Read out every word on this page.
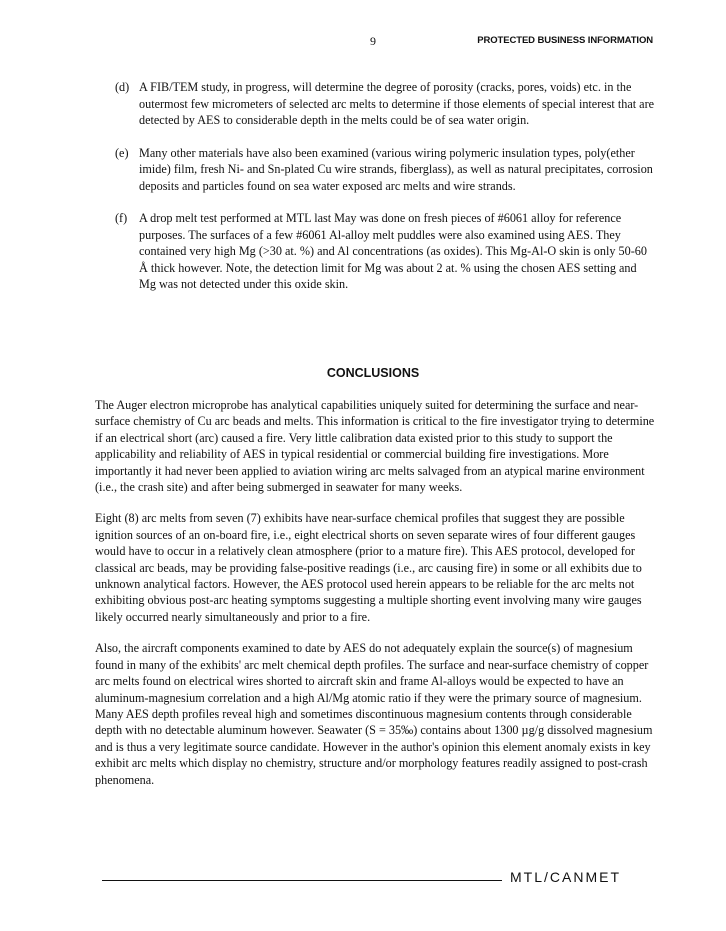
9	PROTECTED BUSINESS INFORMATION
(d) A FIB/TEM study, in progress, will determine the degree of porosity (cracks, pores, voids) etc. in the outermost few micrometers of selected arc melts to determine if those elements of special interest that are detected by AES to considerable depth in the melts could be of sea water origin.
(e) Many other materials have also been examined (various wiring polymeric insulation types, poly(ether imide) film, fresh Ni- and Sn-plated Cu wire strands, fiberglass), as well as natural precipitates, corrosion deposits and particles found on sea water exposed arc melts and wire strands.
(f) A drop melt test performed at MTL last May was done on fresh pieces of #6061 alloy for reference purposes. The surfaces of a few #6061 Al-alloy melt puddles were also examined using AES. They contained very high Mg (>30 at. %) and Al concentrations (as oxides). This Mg-Al-O skin is only 50-60 Å thick however. Note, the detection limit for Mg was about 2 at. % using the chosen AES setting and Mg was not detected under this oxide skin.
CONCLUSIONS

The Auger electron microprobe has analytical capabilities uniquely suited for determining the surface and near-surface chemistry of Cu arc beads and melts. This information is critical to the fire investigator trying to determine if an electrical short (arc) caused a fire. Very little calibration data existed prior to this study to support the applicability and reliability of AES in typical residential or commercial building fire investigations. More importantly it had never been applied to aviation wiring arc melts salvaged from an atypical marine environment (i.e., the crash site) and after being submerged in seawater for many weeks.

Eight (8) arc melts from seven (7) exhibits have near-surface chemical profiles that suggest they are possible ignition sources of an on-board fire, i.e., eight electrical shorts on seven separate wires of four different gauges would have to occur in a relatively clean atmosphere (prior to a mature fire). This AES protocol, developed for classical arc beads, may be providing false-positive readings (i.e., arc causing fire) in some or all exhibits due to unknown analytical factors. However, the AES protocol used herein appears to be reliable for the arc melts not exhibiting obvious post-arc heating symptoms suggesting a multiple shorting event involving many wire gauges likely occurred nearly simultaneously and prior to a fire.

Also, the aircraft components examined to date by AES do not adequately explain the source(s) of magnesium found in many of the exhibits' arc melt chemical depth profiles. The surface and near-surface chemistry of copper arc melts found on electrical wires shorted to aircraft skin and frame Al-alloys would be expected to have an aluminum-magnesium correlation and a high Al/Mg atomic ratio if they were the primary source of magnesium. Many AES depth profiles reveal high and sometimes discontinuous magnesium contents through considerable depth with no detectable aluminum however. Seawater (S = 35‰) contains about 1300 µg/g dissolved magnesium and is thus a very legitimate source candidate. However in the author's opinion this element anomaly exists in key exhibit arc melts which display no chemistry, structure and/or morphology features readily assigned to post-crash phenomena.

MTL/CANMET
